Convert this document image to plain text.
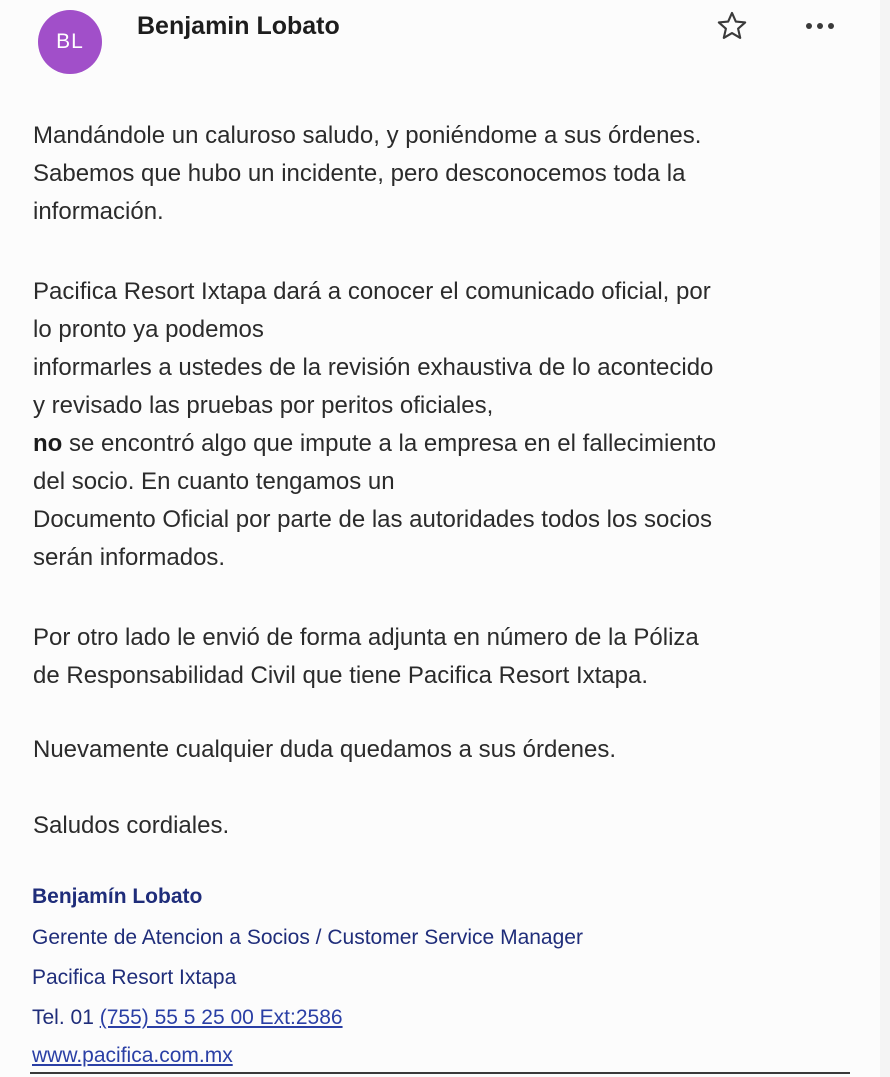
BL
Benjamin Lobato
Mandándole un caluroso saludo, y poniéndome a sus órdenes.
Sabemos que hubo un incidente, pero desconocemos toda la
información.
Pacifica Resort Ixtapa dará a conocer el comunicado oficial, por
lo pronto ya podemos
informarles a ustedes de la revisión exhaustiva de lo acontecido
y revisado las pruebas por peritos oficiales,
no se encontró algo que impute a la empresa en el fallecimiento
del socio. En cuanto tengamos un
Documento Oficial por parte de las autoridades todos los socios
serán informados.
Por otro lado le envió de forma adjunta en número de la Póliza
de Responsabilidad Civil que tiene Pacifica Resort Ixtapa.
Nuevamente cualquier duda quedamos a sus órdenes.
Saludos cordiales.
Benjamín Lobato
Gerente de Atencion a Socios / Customer Service Manager
Pacifica Resort Ixtapa
Tel. 01 (755) 55 5 25 00 Ext:2586
www.pacifica.com.mx
